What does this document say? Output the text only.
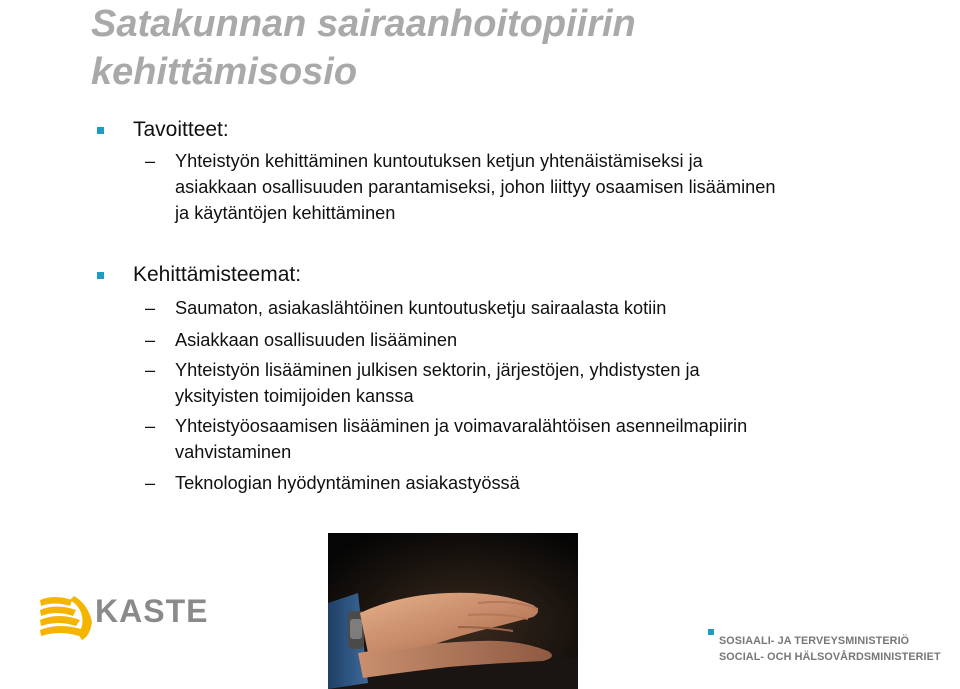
Satakunnan sairaanhoitopiirin
kehittämisosio
Tavoitteet:
–	Yhteistyön kehittäminen kuntoutuksen ketjun yhtenäistämiseksi ja
asiakkaan osallisuuden parantamiseksi, johon liittyy osaamisen lisääminen
ja käytäntöjen kehittäminen
Kehittämisteemat:
–	Saumaton, asiakaslähtöinen kuntoutusketju sairaalasta kotiin
–	Asiakkaan osallisuuden lisääminen
–	Yhteistyön lisääminen julkisen sektorin, järjestöjen, yhdistysten ja
yksityisten toimijoiden kanssa
–	Yhteistyöosaamisen lisääminen ja voimavaralähtöisen asenneilmapiirin
vahvistaminen
–	Teknologian hyödyntäminen asiakastyössä
KASTE
SOSIAALI- JA TERVEYSMINISTERIÖ
SOCIAL- OCH HÄLSOVÅRDSMINISTERIET
